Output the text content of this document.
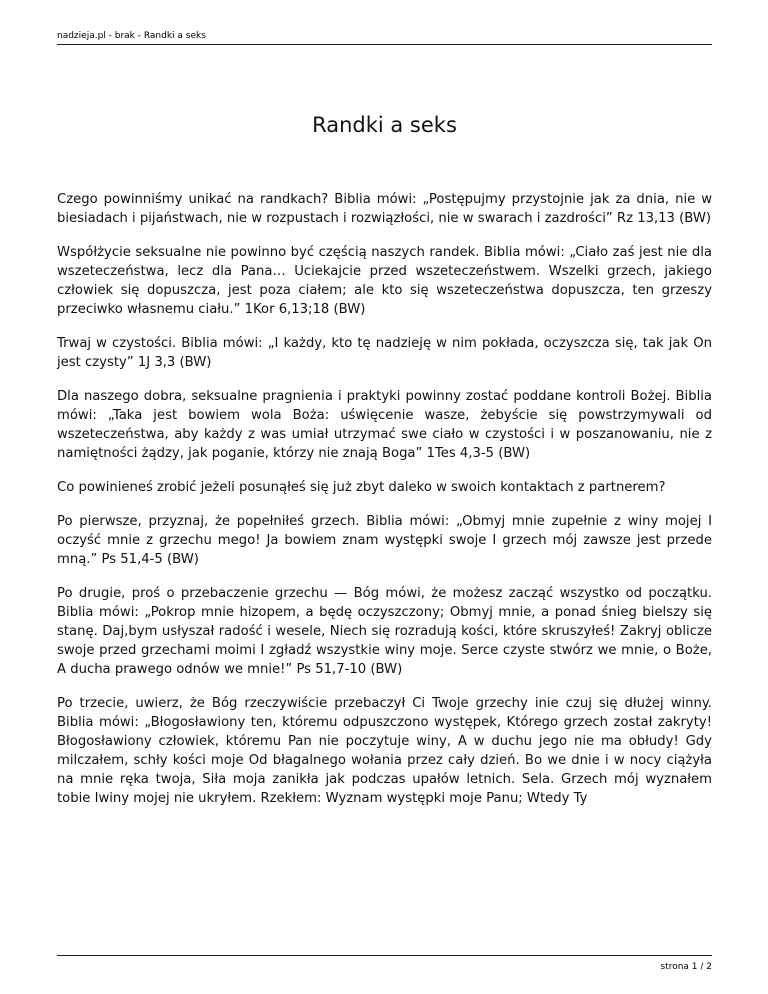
nadzieja.pl - brak - Randki a seks
Randki a seks

Czego powinniśmy unikać na randkach? Biblia mówi: „Postępujmy przystojnie jak za dnia, nie w biesiadach i pijaństwach, nie w rozpustach i rozwiązłości, nie w swarach i zazdrości” Rz 13,13 (BW)

Współżycie seksualne nie powinno być częścią naszych randek. Biblia mówi: „Ciało zaś jest nie dla wszeteczeństwa, lecz dla Pana… Uciekajcie przed wszeteczeństwem. Wszelki grzech, jakiego człowiek się dopuszcza, jest poza ciałem; ale kto się wszeteczeństwa dopuszcza, ten grzeszy przeciwko własnemu ciału.” 1Kor 6,13;18 (BW)

Trwaj w czystości. Biblia mówi: „I każdy, kto tę nadzieję w nim pokłada, oczyszcza się, tak jak On jest czysty” 1J 3,3 (BW)

Dla naszego dobra, seksualne pragnienia i praktyki powinny zostać poddane kontroli Bożej. Biblia mówi: „Taka jest bowiem wola Boża: uświęcenie wasze, żebyście się powstrzymywali od wszeteczeństwa, aby każdy z was umiał utrzymać swe ciało w czystości i w poszanowaniu, nie z namiętności żądzy, jak poganie, którzy nie znają Boga” 1Tes 4,3-5 (BW)

Co powinieneś zrobić jeżeli posunąłeś się już zbyt daleko w swoich kontaktach z partnerem?

Po pierwsze, przyznaj, że popełniłeś grzech. Biblia mówi: „Obmyj mnie zupełnie z winy mojej I oczyść mnie z grzechu mego! Ja bowiem znam występki swoje I grzech mój zawsze jest przede mną.” Ps 51,4-5 (BW)

Po drugie, proś o przebaczenie grzechu — Bóg mówi, że możesz zacząć wszystko od początku. Biblia mówi: „Pokrop mnie hizopem, a będę oczyszczony; Obmyj mnie, a ponad śnieg bielszy się stanę. Daj,bym usłyszał radość i wesele, Niech się rozradują kości, które skruszyłeś! Zakryj oblicze swoje przed grzechami moimi I zgładź wszystkie winy moje. Serce czyste stwórz we mnie, o Boże, A ducha prawego odnów we mnie!” Ps 51,7-10 (BW)

Po trzecie, uwierz, że Bóg rzeczywiście przebaczył Ci Twoje grzechy inie czuj się dłużej winny. Biblia mówi: „Błogosławiony ten, któremu odpuszczono występek, Którego grzech został zakryty! Błogosławiony człowiek, któremu Pan nie poczytuje winy, A w duchu jego nie ma obłudy! Gdy milczałem, schły kości moje Od błagalnego wołania przez cały dzień. Bo we dnie i w nocy ciążyła na mnie ręka twoja, Siła moja zanikła jak podczas upałów letnich. Sela. Grzech mój wyznałem tobie Iwiny mojej nie ukryłem. Rzekłem: Wyznam występki moje Panu; Wtedy Ty

strona 1 / 2
